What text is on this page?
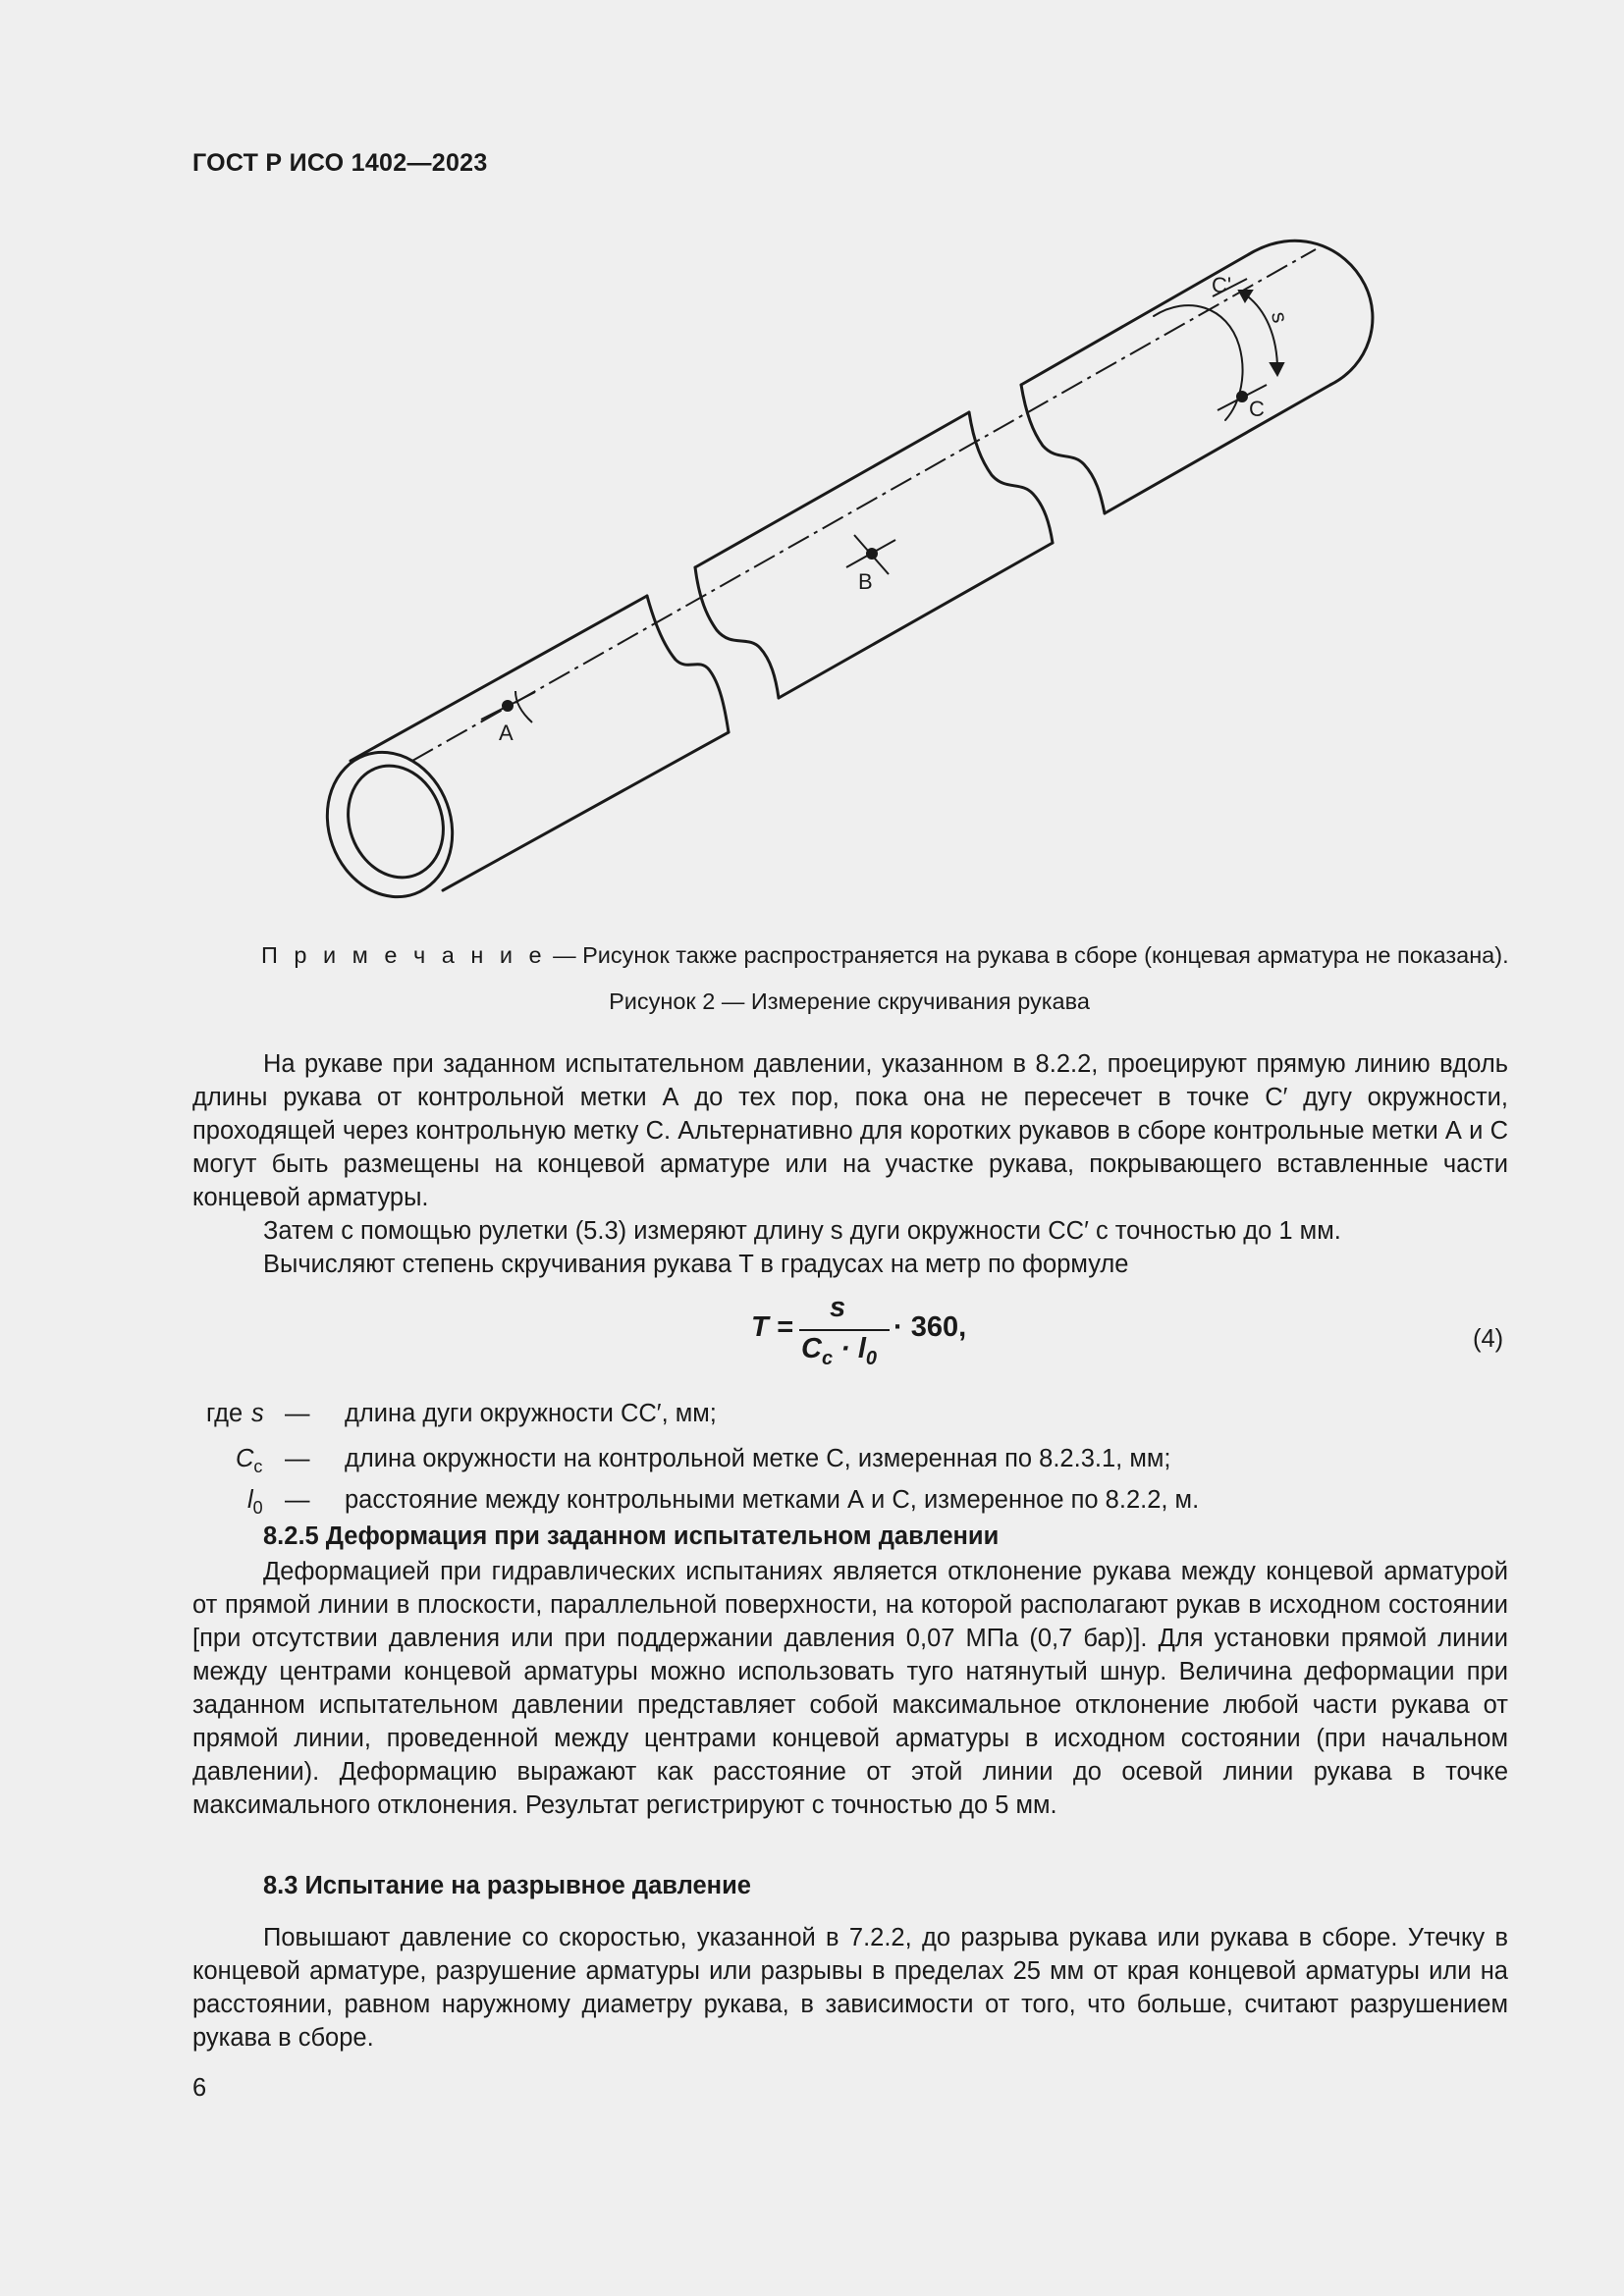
ГОСТ Р ИСО 1402—2023
A
B
C
C'
s
П р и м е ч а н и е — Рисунок также распространяется на рукава в сборе (концевая арматура не показана).
Рисунок 2 — Измерение скручивания рукава

На рукаве при заданном испытательном давлении, указанном в 8.2.2, проецируют прямую линию вдоль длины рукава от контрольной метки А до тех пор, пока она не пересечет в точке С′ дугу окружности, проходящей через контрольную метку С. Альтернативно для коротких рукавов в сборе контрольные метки А и С могут быть размещены на концевой арматуре или на участке рукава, покрывающего вставленные части концевой арматуры.

Затем с помощью рулетки (5.3) измеряют длину s дуги окружности СС′ с точностью до 1 мм.

Вычисляют степень скручивания рукава T в градусах на метр по формуле

T =
s
$C_c \cdot l_0$
· 360,	(4)
где s — длина дуги окружности СС′, мм;
$C_c$ — длина окружности на контрольной метке С, измеренная по 8.2.3.1, мм;
$l_0$ — расстояние между контрольными метками А и С, измеренное по 8.2.2, м.
8.2.5 Деформация при заданном испытательном давлении

Деформацией при гидравлических испытаниях является отклонение рукава между концевой арматурой от прямой линии в плоскости, параллельной поверхности, на которой располагают рукав в исходном состоянии [при отсутствии давления или при поддержании давления 0,07 МПа (0,7 бар)]. Для установки прямой линии между центрами концевой арматуры можно использовать туго натянутый шнур. Величина деформации при заданном испытательном давлении представляет собой максимальное отклонение любой части рукава от прямой линии, проведенной между центрами концевой арматуры в исходном состоянии (при начальном давлении). Деформацию выражают как расстояние от этой линии до осевой линии рукава в точке максимального отклонения. Результат регистрируют с точностью до 5 мм.

8.3 Испытание на разрывное давление

Повышают давление со скоростью, указанной в 7.2.2, до разрыва рукава или рукава в сборе. Утечку в концевой арматуре, разрушение арматуры или разрывы в пределах 25 мм от края концевой арматуры или на расстоянии, равном наружному диаметру рукава, в зависимости от того, что больше, считают разрушением рукава в сборе.

6
